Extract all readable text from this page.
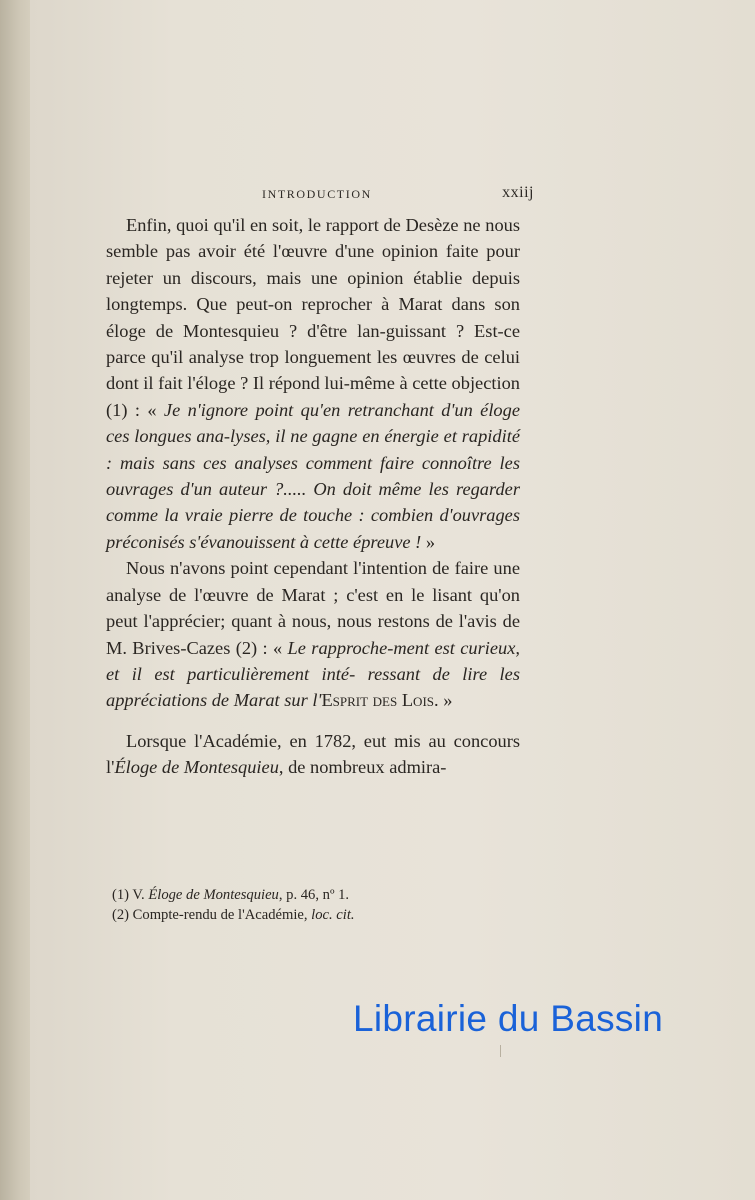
INTRODUCTION	xxiij

Enfin, quoi qu'il en soit, le rapport de Desèze ne nous semble pas avoir été l'œuvre d'une opinion faite pour rejeter un discours, mais une opinion établie depuis longtemps. Que peut-on reprocher à Marat dans son éloge de Montesquieu ? d'être lan-guissant ? Est-ce parce qu'il analyse trop longuement les œuvres de celui dont il fait l'éloge ? Il répond lui-même à cette objection (1) : « Je n'ignore point qu'en retranchant d'un éloge ces longues ana-lyses, il ne gagne en énergie et rapidité : mais sans ces analyses comment faire connoître les ouvrages d'un auteur ?..... On doit même les regarder comme la vraie pierre de touche : combien d'ouvrages préconisés s'évanouissent à cette épreuve ! »

Nous n'avons point cependant l'intention de faire une analyse de l'œuvre de Marat ; c'est en le lisant qu'on peut l'apprécier; quant à nous, nous restons de l'avis de M. Brives-Cazes (2) : « Le rapproche-ment est curieux, et il est particulièrement inté- ressant de lire les appréciations de Marat sur l'Esprit des Lois. »

Lorsque l'Académie, en 1782, eut mis au concours l'Éloge de Montesquieu, de nombreux admira-

(1) V. Éloge de Montesquieu, p. 46, nº 1.
(2) Compte-rendu de l'Académie, loc. cit.
Librairie du Bassin
